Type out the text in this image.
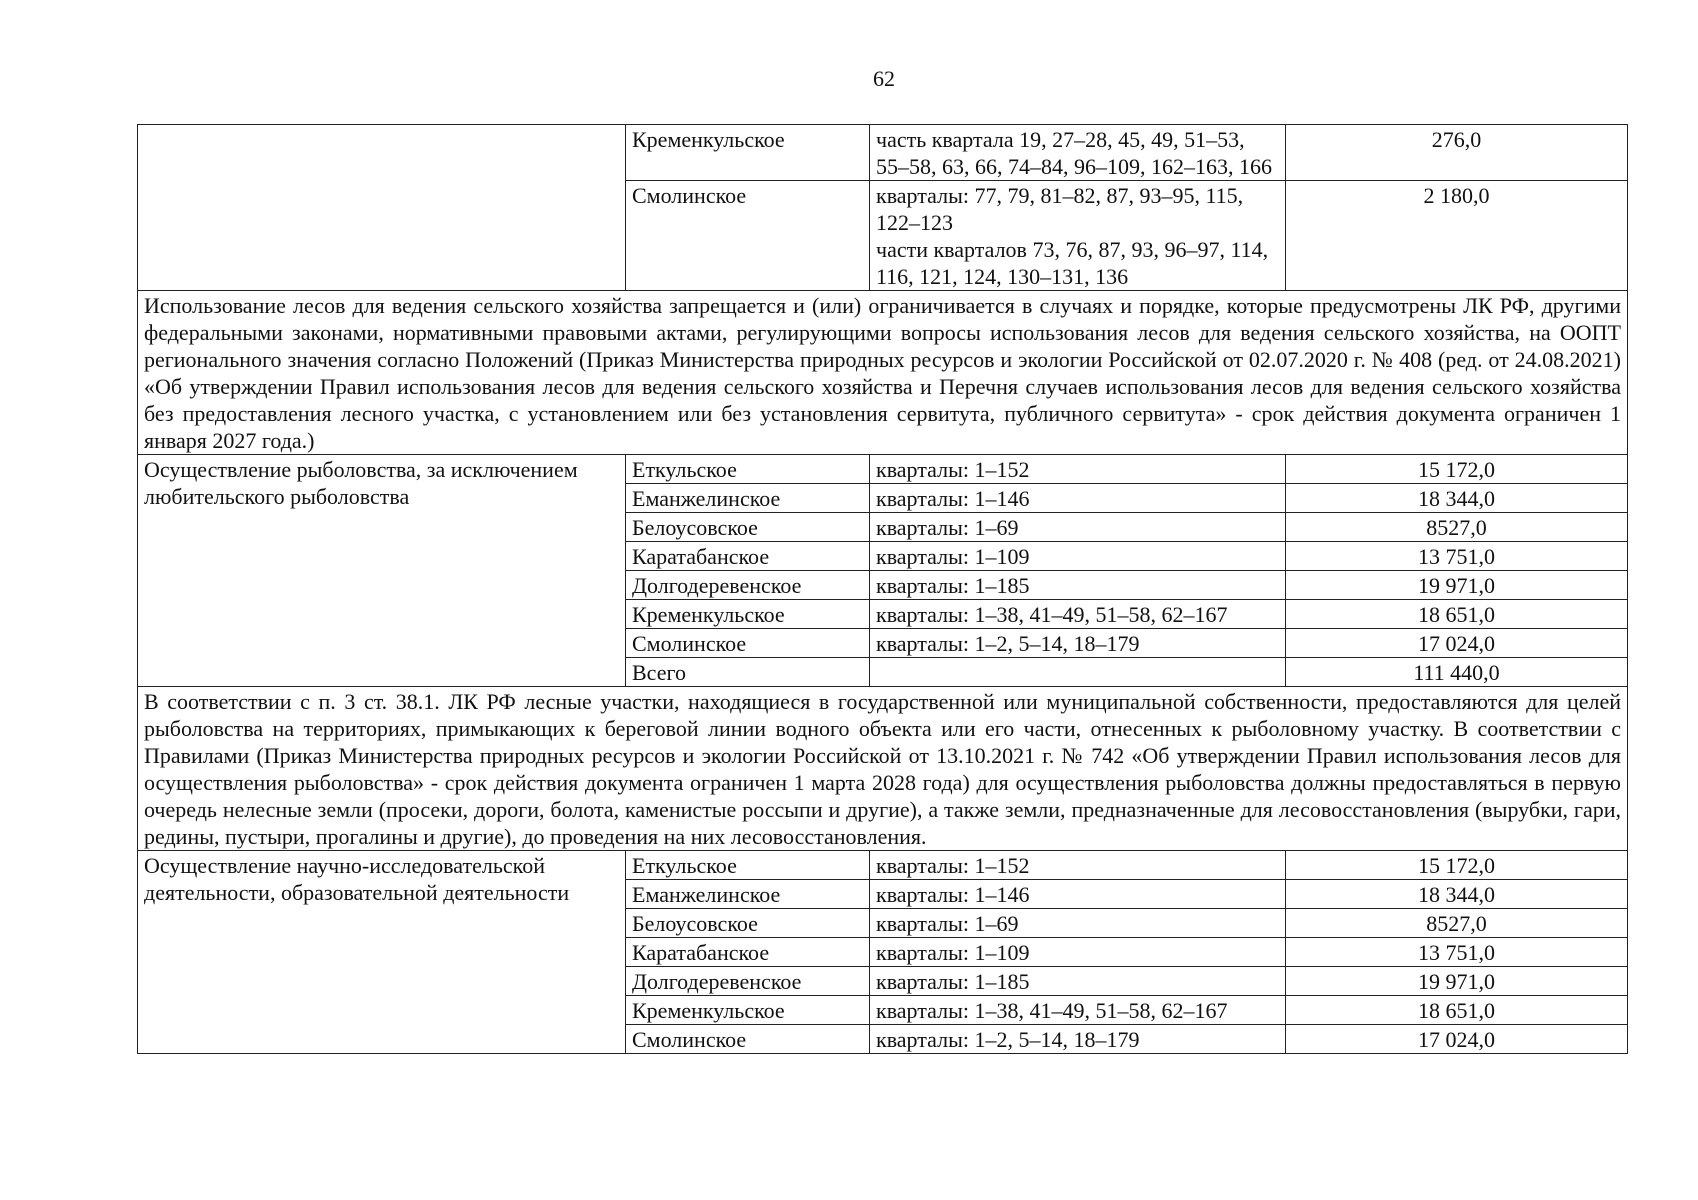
62
	Кременкульское	часть квартала 19, 27–28, 45, 49, 51–53, 55–58, 63, 66, 74–84, 96–109, 162–163, 166	276,0
	Смолинское	кварталы: 77, 79, 81–82, 87, 93–95, 115, 122–123
части кварталов 73, 76, 87, 93, 96–97, 114, 116, 121, 124, 130–131, 136	2 180,0
Использование лесов для ведения сельского хозяйства запрещается и (или) ограничивается в случаях и порядке, которые предусмотрены ЛК РФ, другими федеральными законами, нормативными правовыми актами, регулирующими вопросы использования лесов для ведения сельского хозяйства, на ООПТ регионального значения согласно Положений (Приказ Министерства природных ресурсов и экологии Российской от 02.07.2020 г. № 408 (ред. от 24.08.2021) «Об утверждении Правил использования лесов для ведения сельского хозяйства и Перечня случаев использования лесов для ведения сельского хозяйства без предоставления лесного участка, с установлением или без установления сервитута, публичного сервитута» - срок действия документа ограничен 1 января 2027 года.)			
Осуществление рыболовства, за исключением любительского рыболовства	Еткульское	кварталы: 1–152	15 172,0
	Еманжелинское	кварталы: 1–146	18 344,0
	Белоусовское	кварталы: 1–69	8527,0
	Каратабанское	кварталы: 1–109	13 751,0
	Долгодеревенское	кварталы: 1–185	19 971,0
	Кременкульское	кварталы: 1–38, 41–49, 51–58, 62–167	18 651,0
	Смолинское	кварталы: 1–2, 5–14, 18–179	17 024,0
	Всего		111 440,0
В соответствии с п. 3 ст. 38.1. ЛК РФ лесные участки, находящиеся в государственной или муниципальной собственности, предоставляются для целей рыболовства на территориях, примыкающих к береговой линии водного объекта или его части, отнесенных к рыболовному участку. В соответствии с Правилами (Приказ Министерства природных ресурсов и экологии Российской от 13.10.2021 г. № 742 «Об утверждении Правил использования лесов для осуществления рыболовства» - срок действия документа ограничен 1 марта 2028 года) для осуществления рыболовства должны предоставляться в первую очередь нелесные земли (просеки, дороги, болота, каменистые россыпи и другие), а также земли, предназначенные для лесовосстановления (вырубки, гари, редины, пустыри, прогалины и другие), до проведения на них лесовосстановления.			
Осуществление научно-исследовательской деятельности, образовательной деятельности	Еткульское	кварталы: 1–152	15 172,0
	Еманжелинское	кварталы: 1–146	18 344,0
	Белоусовское	кварталы: 1–69	8527,0
	Каратабанское	кварталы: 1–109	13 751,0
	Долгодеревенское	кварталы: 1–185	19 971,0
	Кременкульское	кварталы: 1–38, 41–49, 51–58, 62–167	18 651,0
	Смолинское	кварталы: 1–2, 5–14, 18–179	17 024,0
